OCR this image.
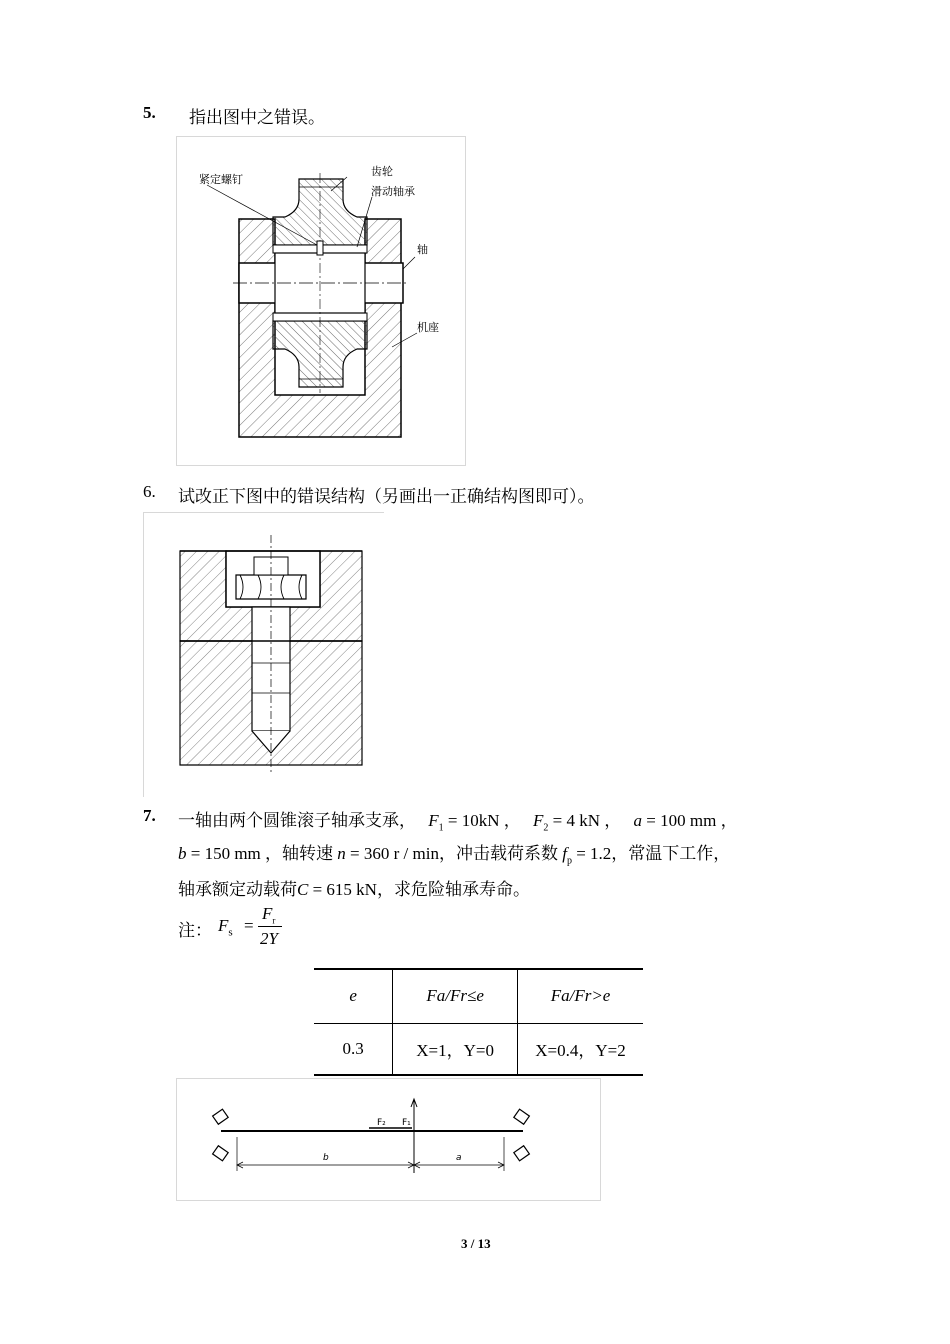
5. 指出图中之错误。
紧定螺钉
齿轮
滑动轴承
轴
机座
6. 试改正下图中的错误结构（另画出一正确结构图即可）。
7. 一轴由两个圆锥滚子轴承支承， $F_1 = 10kN$ ， $F_2 = 4$ kN ， a = 100 mm ，
b = 150 mm ，轴转速 n = 360 r / min，冲击载荷系数 $f_p = 1.2$，常温下工作，
轴承额定动载荷C = 615 kN，求危险轴承寿命。
注： $F_s$ =
$F_r$
2Y
e	Fa/Fr≤e	Fa/Fr>e
0.3	X=1，Y=0	X=0.4，Y=2
F₂ F₁
b	a
3 / 13
